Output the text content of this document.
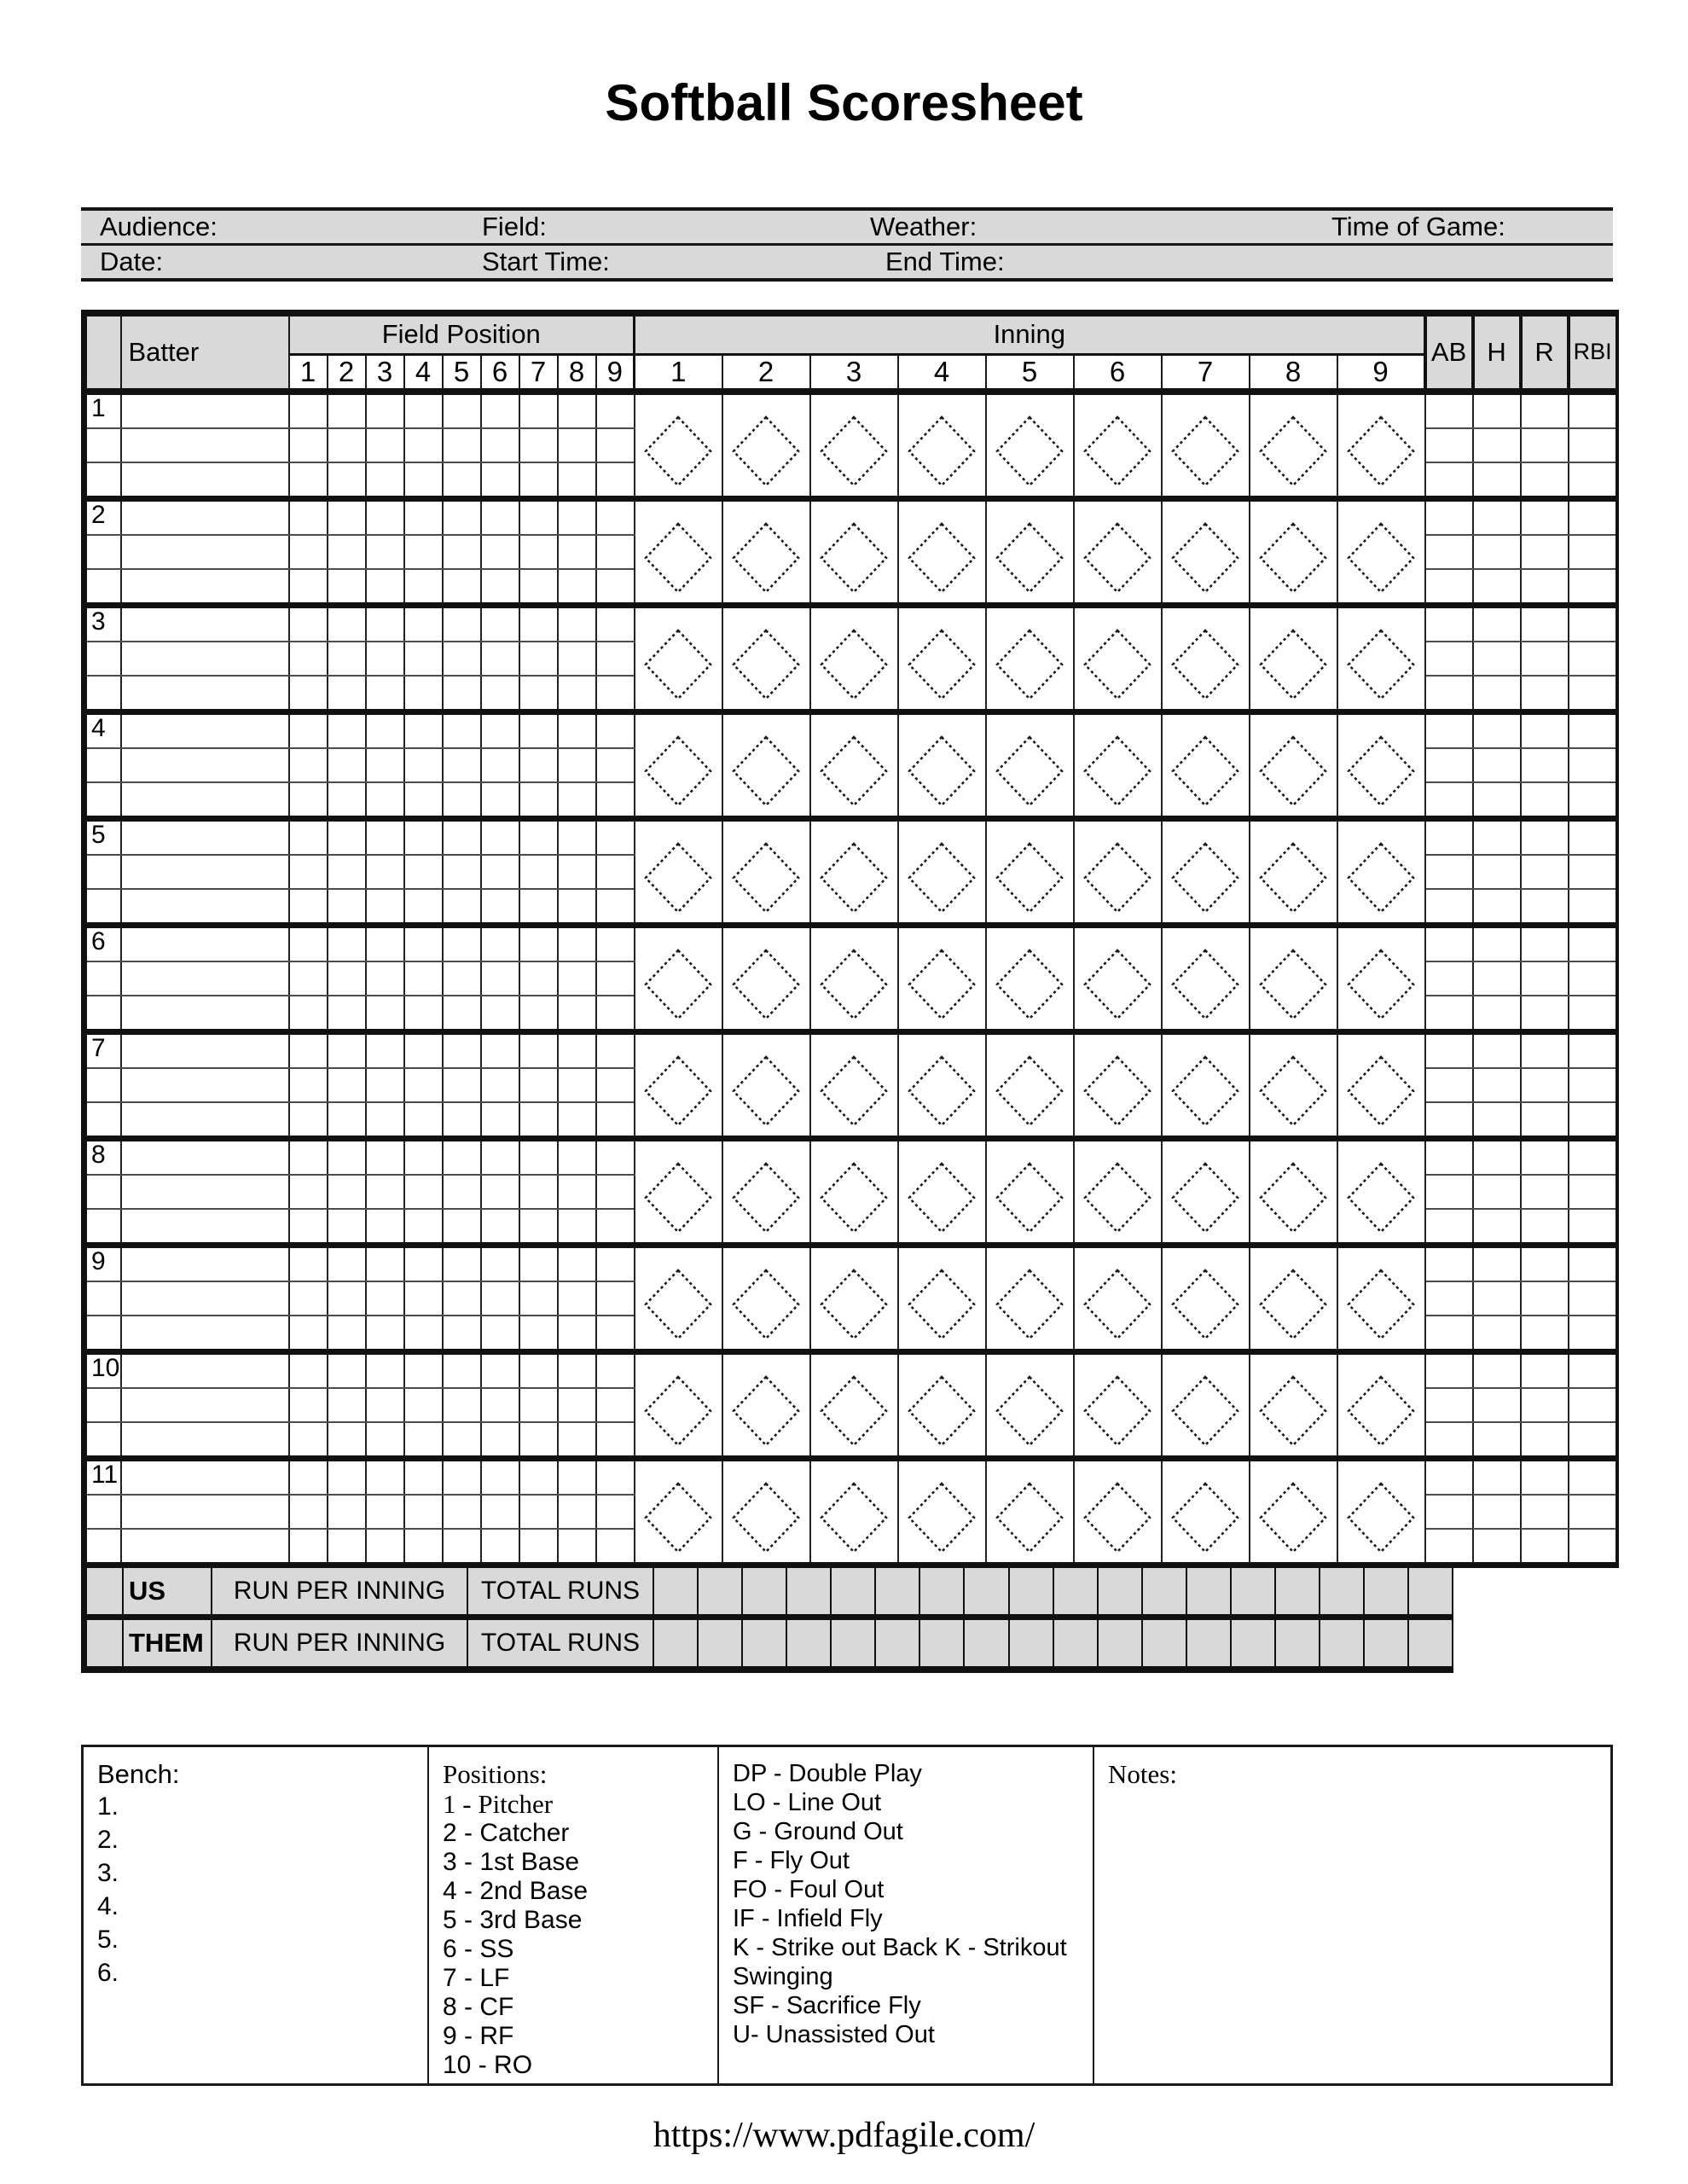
Softball Scoresheet
Audience:	Field:	Weather:	Time of Game:
Date:	Start Time:	End Time:
	Batter	Field Position									Inning									AB	H	R	RBI
		1	2	3	4	5	6	7	8	9	1	2	3	4	5	6	7	8	9				
1																							

2																							

3																							

4																							

5																							

6																							

7																							

8																							

9																							

10																							

11																							

US	RUN PER INNING	TOTAL RUNS
THEM	RUN PER INNING	TOTAL RUNS
Bench:
1.
2.
3.
4.
5.
6.
Positions:
1 - Pitcher
2 - Catcher
3 - 1st Base
4 - 2nd Base
5 - 3rd Base
6 - SS
7 - LF
8 - CF
9 - RF
10 - RO
DP - Double Play
LO - Line Out
G - Ground Out
F - Fly Out
FO - Foul Out
IF - Infield Fly
K - Strike out Back K - Strikout Swinging
SF - Sacrifice Fly
U- Unassisted Out
Notes:
https://www.pdfagile.com/
